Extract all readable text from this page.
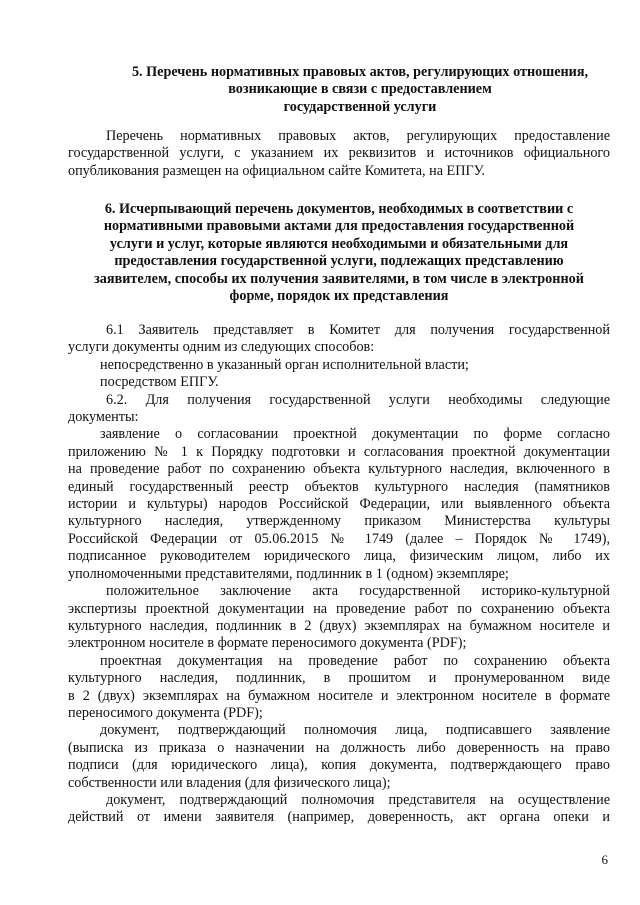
5. Перечень нормативных правовых актов, регулирующих отношения,
возникающие в связи с предоставлением
государственной услуги
Перечень нормативных правовых актов, регулирующих предоставление
государственной услуги, с указанием их реквизитов и источников официального
опубликования размещен на официальном сайте Комитета, на ЕПГУ.
6. Исчерпывающий перечень документов, необходимых в соответствии с
нормативными правовыми актами для предоставления государственной
услуги и услуг, которые являются необходимыми и обязательными для
предоставления государственной услуги, подлежащих представлению
заявителем, способы их получения заявителями, в том числе в электронной
форме, порядок их представления
6.1 Заявитель представляет в Комитет для получения государственной
услуги документы одним из следующих способов:
непосредственно в указанный орган исполнительной власти;
посредством ЕПГУ.
6.2. Для получения государственной услуги необходимы следующие
документы:
заявление о согласовании проектной документации по форме согласно
приложению № 1 к Порядку подготовки и согласования проектной документации
на проведение работ по сохранению объекта культурного наследия, включенного в
единый государственный реестр объектов культурного наследия (памятников
истории и культуры) народов Российской Федерации, или выявленного объекта
культурного наследия, утвержденному приказом Министерства культуры
Российской Федерации от 05.06.2015 № 1749 (далее – Порядок № 1749),
подписанное руководителем юридического лица, физическим лицом, либо их
уполномоченными представителями, подлинник в 1 (одном) экземпляре;
положительное заключение акта государственной историко-культурной
экспертизы проектной документации на проведение работ по сохранению объекта
культурного наследия, подлинник в 2 (двух) экземплярах на бумажном носителе и
электронном носителе в формате переносимого документа (PDF);
проектная документация на проведение работ по сохранению объекта
культурного наследия, подлинник, в прошитом и пронумерованном виде
в 2 (двух) экземплярах на бумажном носителе и электронном носителе в формате
переносимого документа (PDF);
документ, подтверждающий полномочия лица, подписавшего заявление
(выписка из приказа о назначении на должность либо доверенность на право
подписи (для юридического лица), копия документа, подтверждающего право
собственности или владения (для физического лица);
документ, подтверждающий полномочия представителя на осуществление
действий от имени заявителя (например, доверенность, акт органа опеки и
6
